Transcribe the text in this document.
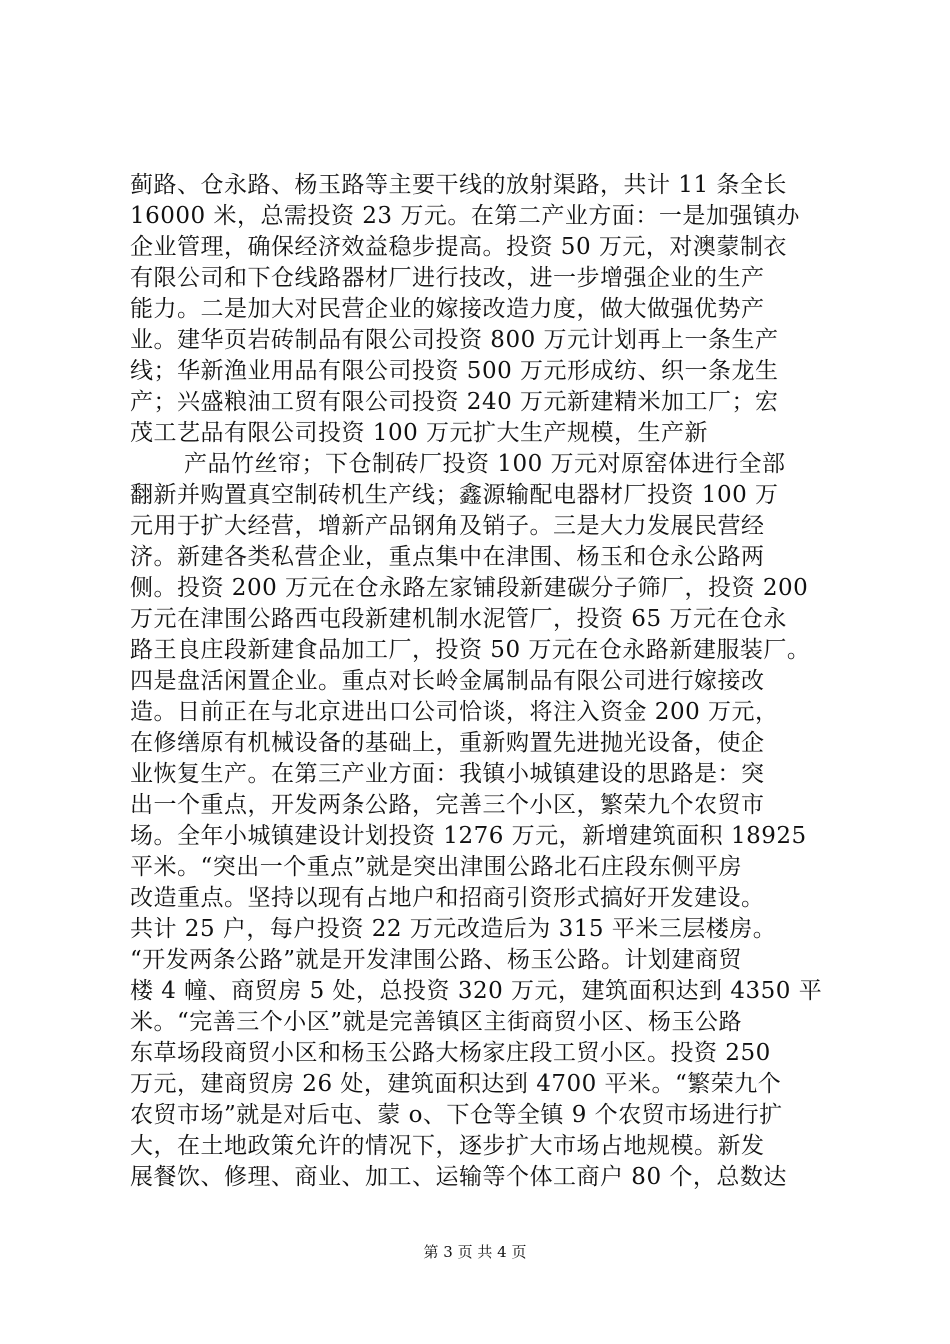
蓟路、仓永路、杨玉路等主要干线的放射渠路，共计 11 条全长
16000 米，总需投资 23 万元。在第二产业方面：一是加强镇办
企业管理，确保经济效益稳步提高。投资 50 万元，对澳蒙制衣
有限公司和下仓线路器材厂进行技改，进一步增强企业的生产
能力。二是加大对民营企业的嫁接改造力度，做大做强优势产
业。建华页岩砖制品有限公司投资 800 万元计划再上一条生产
线；华新渔业用品有限公司投资 500 万元形成纺、织一条龙生
产；兴盛粮油工贸有限公司投资 240 万元新建精米加工厂；宏
茂工艺品有限公司投资 100 万元扩大生产规模，生产新
产品竹丝帘；下仓制砖厂投资 100 万元对原窑体进行全部
翻新并购置真空制砖机生产线；鑫源输配电器材厂投资 100 万
元用于扩大经营，增新产品钢角及销子。三是大力发展民营经
济。新建各类私营企业，重点集中在津围、杨玉和仓永公路两
侧。投资 200 万元在仓永路左家铺段新建碳分子筛厂，投资 200
万元在津围公路西屯段新建机制水泥管厂，投资 65 万元在仓永
路王良庄段新建食品加工厂，投资 50 万元在仓永路新建服装厂。
四是盘活闲置企业。重点对长岭金属制品有限公司进行嫁接改
造。日前正在与北京进出口公司恰谈，将注入资金 200 万元，
在修缮原有机械设备的基础上，重新购置先进抛光设备，使企
业恢复生产。在第三产业方面：我镇小城镇建设的思路是：突
出一个重点，开发两条公路，完善三个小区，繁荣九个农贸市
场。全年小城镇建设计划投资 1276 万元，新增建筑面积 18925
平米。“突出一个重点”就是突出津围公路北石庄段东侧平房
改造重点。坚持以现有占地户和招商引资形式搞好开发建设。
共计 25 户，每户投资 22 万元改造后为 315 平米三层楼房。
“开发两条公路”就是开发津围公路、杨玉公路。计划建商贸
楼 4 幢、商贸房 5 处，总投资 320 万元，建筑面积达到 4350 平
米。“完善三个小区”就是完善镇区主街商贸小区、杨玉公路
东草场段商贸小区和杨玉公路大杨家庄段工贸小区。投资 250
万元，建商贸房 26 处，建筑面积达到 4700 平米。“繁荣九个
农贸市场”就是对后屯、蒙 o、下仓等全镇 9 个农贸市场进行扩
大，在土地政策允许的情况下，逐步扩大市场占地规模。新发
展餐饮、修理、商业、加工、运输等个体工商户 80 个，总数达
第 3 页 共 4 页
